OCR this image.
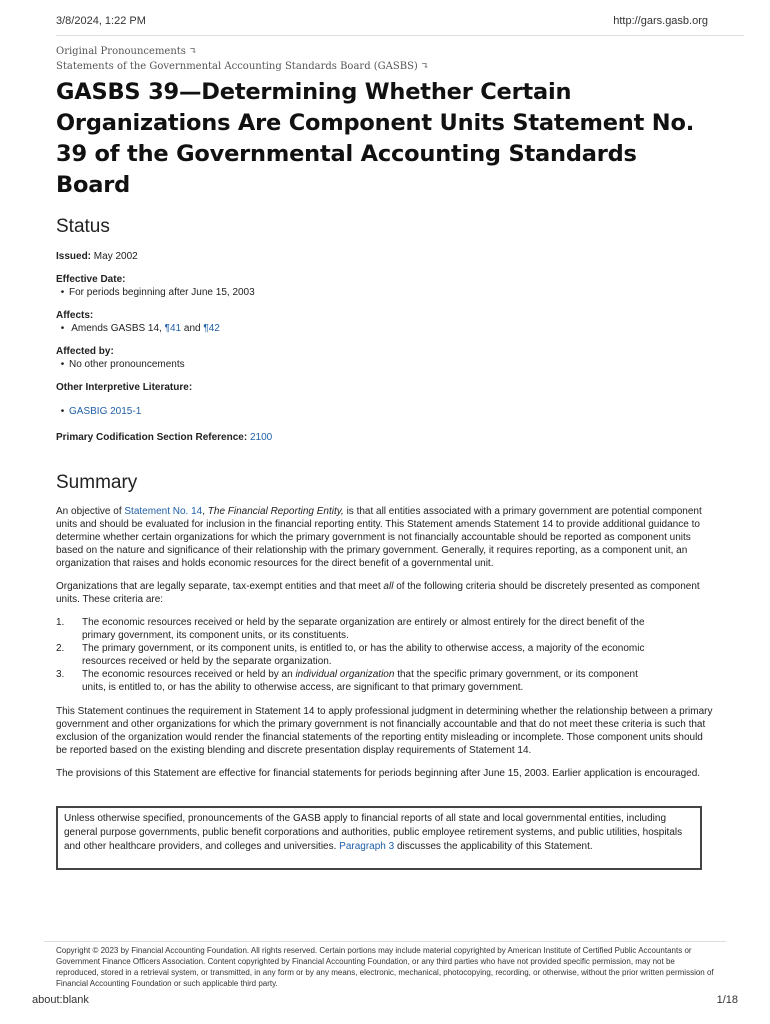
3/8/2024, 1:22 PM	http://gars.gasb.org
Original Pronouncements ↴
Statements of the Governmental Accounting Standards Board (GASBS) ↴
GASBS 39—Determining Whether Certain Organizations Are Component Units Statement No. 39 of the Governmental Accounting Standards Board
Status
Issued: May 2002
Effective Date:
• For periods beginning after June 15, 2003
Affects:
• Amends GASBS 14, ¶41 and ¶42
Affected by:
• No other pronouncements
Other Interpretive Literature:
• GASBIG 2015-1
Primary Codification Section Reference: 2100
Summary

An objective of Statement No. 14, The Financial Reporting Entity, is that all entities associated with a primary government are potential component units and should be evaluated for inclusion in the financial reporting entity. This Statement amends Statement 14 to provide additional guidance to determine whether certain organizations for which the primary government is not financially accountable should be reported as component units based on the nature and significance of their relationship with the primary government. Generally, it requires reporting, as a component unit, an organization that raises and holds economic resources for the direct benefit of a governmental unit.

Organizations that are legally separate, tax-exempt entities and that meet all of the following criteria should be discretely presented as component units. These criteria are:

1.	The economic resources received or held by the separate organization are entirely or almost entirely for the direct benefit of the primary government, its component units, or its constituents.
2.	The primary government, or its component units, is entitled to, or has the ability to otherwise access, a majority of the economic resources received or held by the separate organization.
3.	The economic resources received or held by an individual organization that the specific primary government, or its component units, is entitled to, or has the ability to otherwise access, are significant to that primary government.

This Statement continues the requirement in Statement 14 to apply professional judgment in determining whether the relationship between a primary government and other organizations for which the primary government is not financially accountable and that do not meet these criteria is such that exclusion of the organization would render the financial statements of the reporting entity misleading or incomplete. Those component units should be reported based on the existing blending and discrete presentation display requirements of Statement 14.

The provisions of this Statement are effective for financial statements for periods beginning after June 15, 2003. Earlier application is encouraged.

Unless otherwise specified, pronouncements of the GASB apply to financial reports of all state and local governmental entities, including general purpose governments, public benefit corporations and authorities, public employee retirement systems, and public utilities, hospitals and other healthcare providers, and colleges and universities. Paragraph 3 discusses the applicability of this Statement.
Copyright © 2023 by Financial Accounting Foundation. All rights reserved. Certain portions may include material copyrighted by American Institute of Certified Public Accountants or Government Finance Officers Association. Content copyrighted by Financial Accounting Foundation, or any third parties who have not provided specific permission, may not be reproduced, stored in a retrieval system, or transmitted, in any form or by any means, electronic, mechanical, photocopying, recording, or otherwise, without the prior written permission of Financial Accounting Foundation or such applicable third party.
about:blank	1/18
